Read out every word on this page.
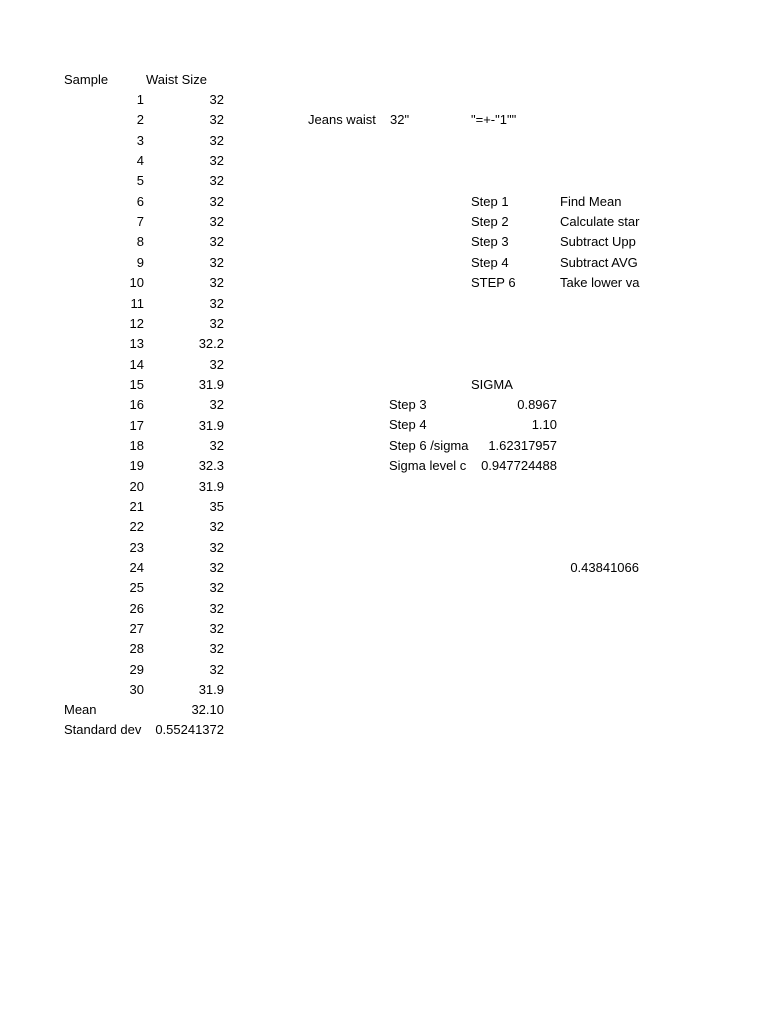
Sample	Waist Size
1	32
2	32
3	32
4	32
5	32
6	32
7	32
8	32
9	32
10	32
11	32
12	32
13	32.2
14	32
15	31.9
16	32
17	31.9
18	32
19	32.3
20	31.9
21	35
22	32
23	32
24	32
25	32
26	32
27	32
28	32
29	32
30	31.9
Mean	32.10
Standard dev	0.55241372
Jeans waist	32"	"=+-"1""
Step 1	Find Mean
Step 2	Calculate star
Step 3	Subtract Upp
Step 4	Subtract AVG
STEP 6	Take lower va
SIGMA
Step 3	0.8967
Step 4	1.10
Step 6 /sigma	1.62317957
Sigma level c	0.947724488
0.43841066
